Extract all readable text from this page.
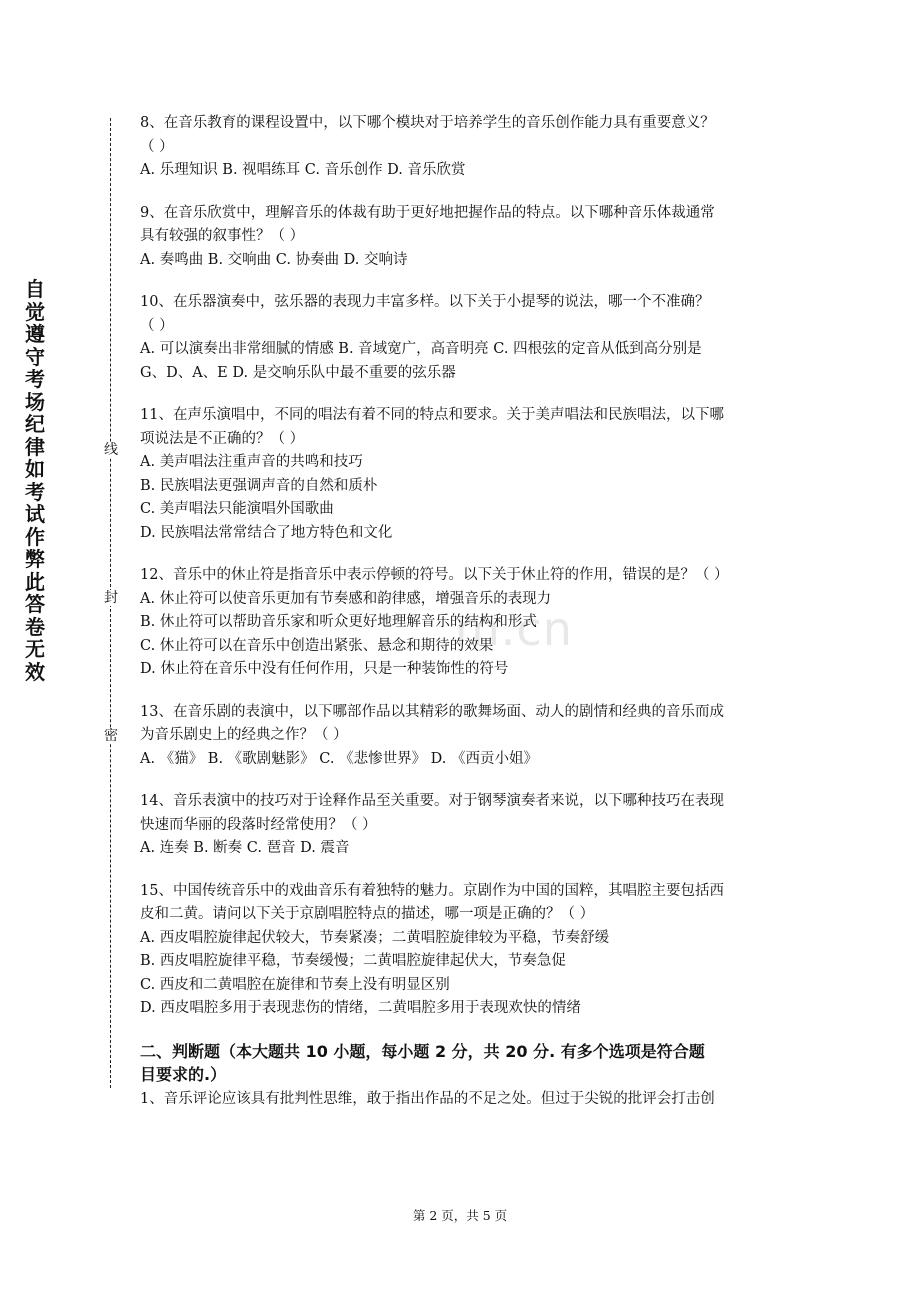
自
觉
遵
守
考
场
纪
律
如
考
试
作
弊
此
答
卷
无
效
线
封
密
m.cn

8、在音乐教育的课程设置中，以下哪个模块对于培养学生的音乐创作能力具有重要意义？

（ ）

A. 乐理知识 B. 视唱练耳 C. 音乐创作 D. 音乐欣赏

9、在音乐欣赏中，理解音乐的体裁有助于更好地把握作品的特点。以下哪种音乐体裁通常

具有较强的叙事性？（ ）

A. 奏鸣曲 B. 交响曲 C. 协奏曲 D. 交响诗

10、在乐器演奏中，弦乐器的表现力丰富多样。以下关于小提琴的说法，哪一个不准确？

（ ）

A. 可以演奏出非常细腻的情感 B. 音域宽广，高音明亮 C. 四根弦的定音从低到高分别是

G、D、A、E D. 是交响乐队中最不重要的弦乐器

11、在声乐演唱中，不同的唱法有着不同的特点和要求。关于美声唱法和民族唱法，以下哪

项说法是不正确的？（ ）

A. 美声唱法注重声音的共鸣和技巧

B. 民族唱法更强调声音的自然和质朴

C. 美声唱法只能演唱外国歌曲

D. 民族唱法常常结合了地方特色和文化

12、音乐中的休止符是指音乐中表示停顿的符号。以下关于休止符的作用，错误的是？（ ）

A. 休止符可以使音乐更加有节奏感和韵律感，增强音乐的表现力

B. 休止符可以帮助音乐家和听众更好地理解音乐的结构和形式

C. 休止符可以在音乐中创造出紧张、悬念和期待的效果

D. 休止符在音乐中没有任何作用，只是一种装饰性的符号

13、在音乐剧的表演中，以下哪部作品以其精彩的歌舞场面、动人的剧情和经典的音乐而成

为音乐剧史上的经典之作？（ ）

A. 《猫》 B. 《歌剧魅影》 C. 《悲惨世界》 D. 《西贡小姐》

14、音乐表演中的技巧对于诠释作品至关重要。对于钢琴演奏者来说，以下哪种技巧在表现

快速而华丽的段落时经常使用？（ ）

A. 连奏 B. 断奏 C. 琶音 D. 震音

15、中国传统音乐中的戏曲音乐有着独特的魅力。京剧作为中国的国粹，其唱腔主要包括西

皮和二黄。请问以下关于京剧唱腔特点的描述，哪一项是正确的？（ ）

A. 西皮唱腔旋律起伏较大，节奏紧凑；二黄唱腔旋律较为平稳，节奏舒缓

B. 西皮唱腔旋律平稳，节奏缓慢；二黄唱腔旋律起伏大，节奏急促

C. 西皮和二黄唱腔在旋律和节奏上没有明显区别

D. 西皮唱腔多用于表现悲伤的情绪，二黄唱腔多用于表现欢快的情绪

二、判断题（本大题共 10 小题，每小题 2 分，共 20 分. 有多个选项是符合题
目要求的.）

1、音乐评论应该具有批判性思维，敢于指出作品的不足之处。但过于尖锐的批评会打击创

第 2 页，共 5 页
